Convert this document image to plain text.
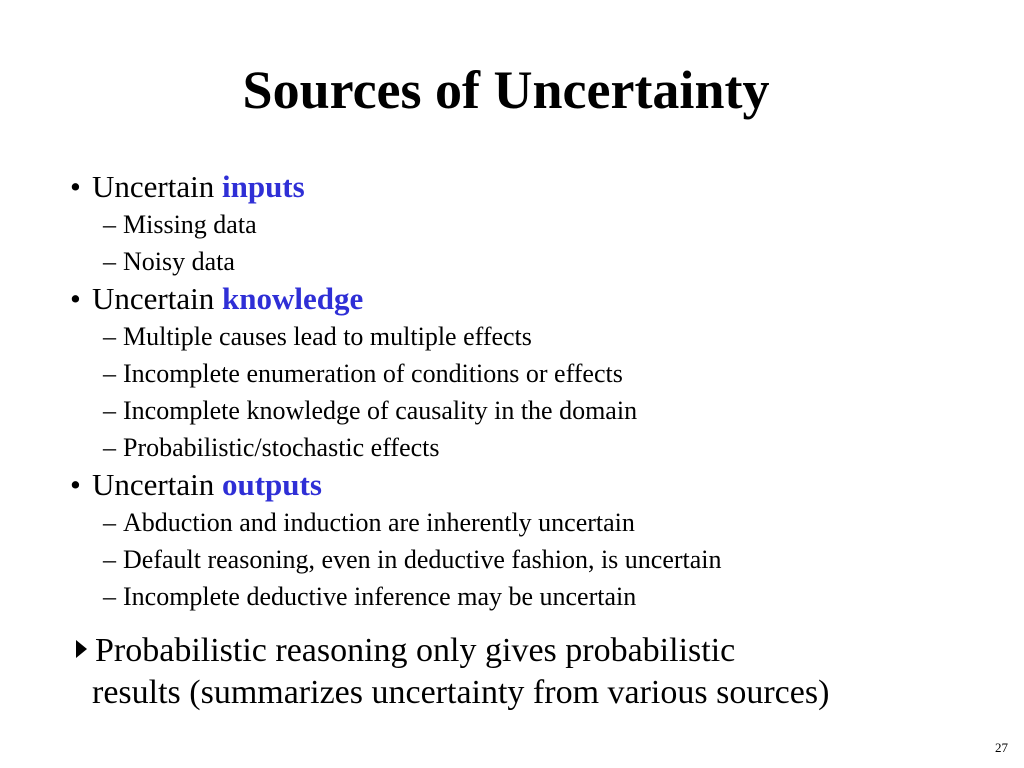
Sources of Uncertainty

• Uncertain inputs

– Missing data

– Noisy data

• Uncertain knowledge

– Multiple causes lead to multiple effects

– Incomplete enumeration of conditions or effects

– Incomplete knowledge of causality in the domain

– Probabilistic/stochastic effects

• Uncertain outputs

– Abduction and induction are inherently uncertain

– Default reasoning, even in deductive fashion, is uncertain

– Incomplete deductive inference may be uncertain

Probabilistic reasoning only gives probabilistic

results (summarizes uncertainty from various sources)

27
